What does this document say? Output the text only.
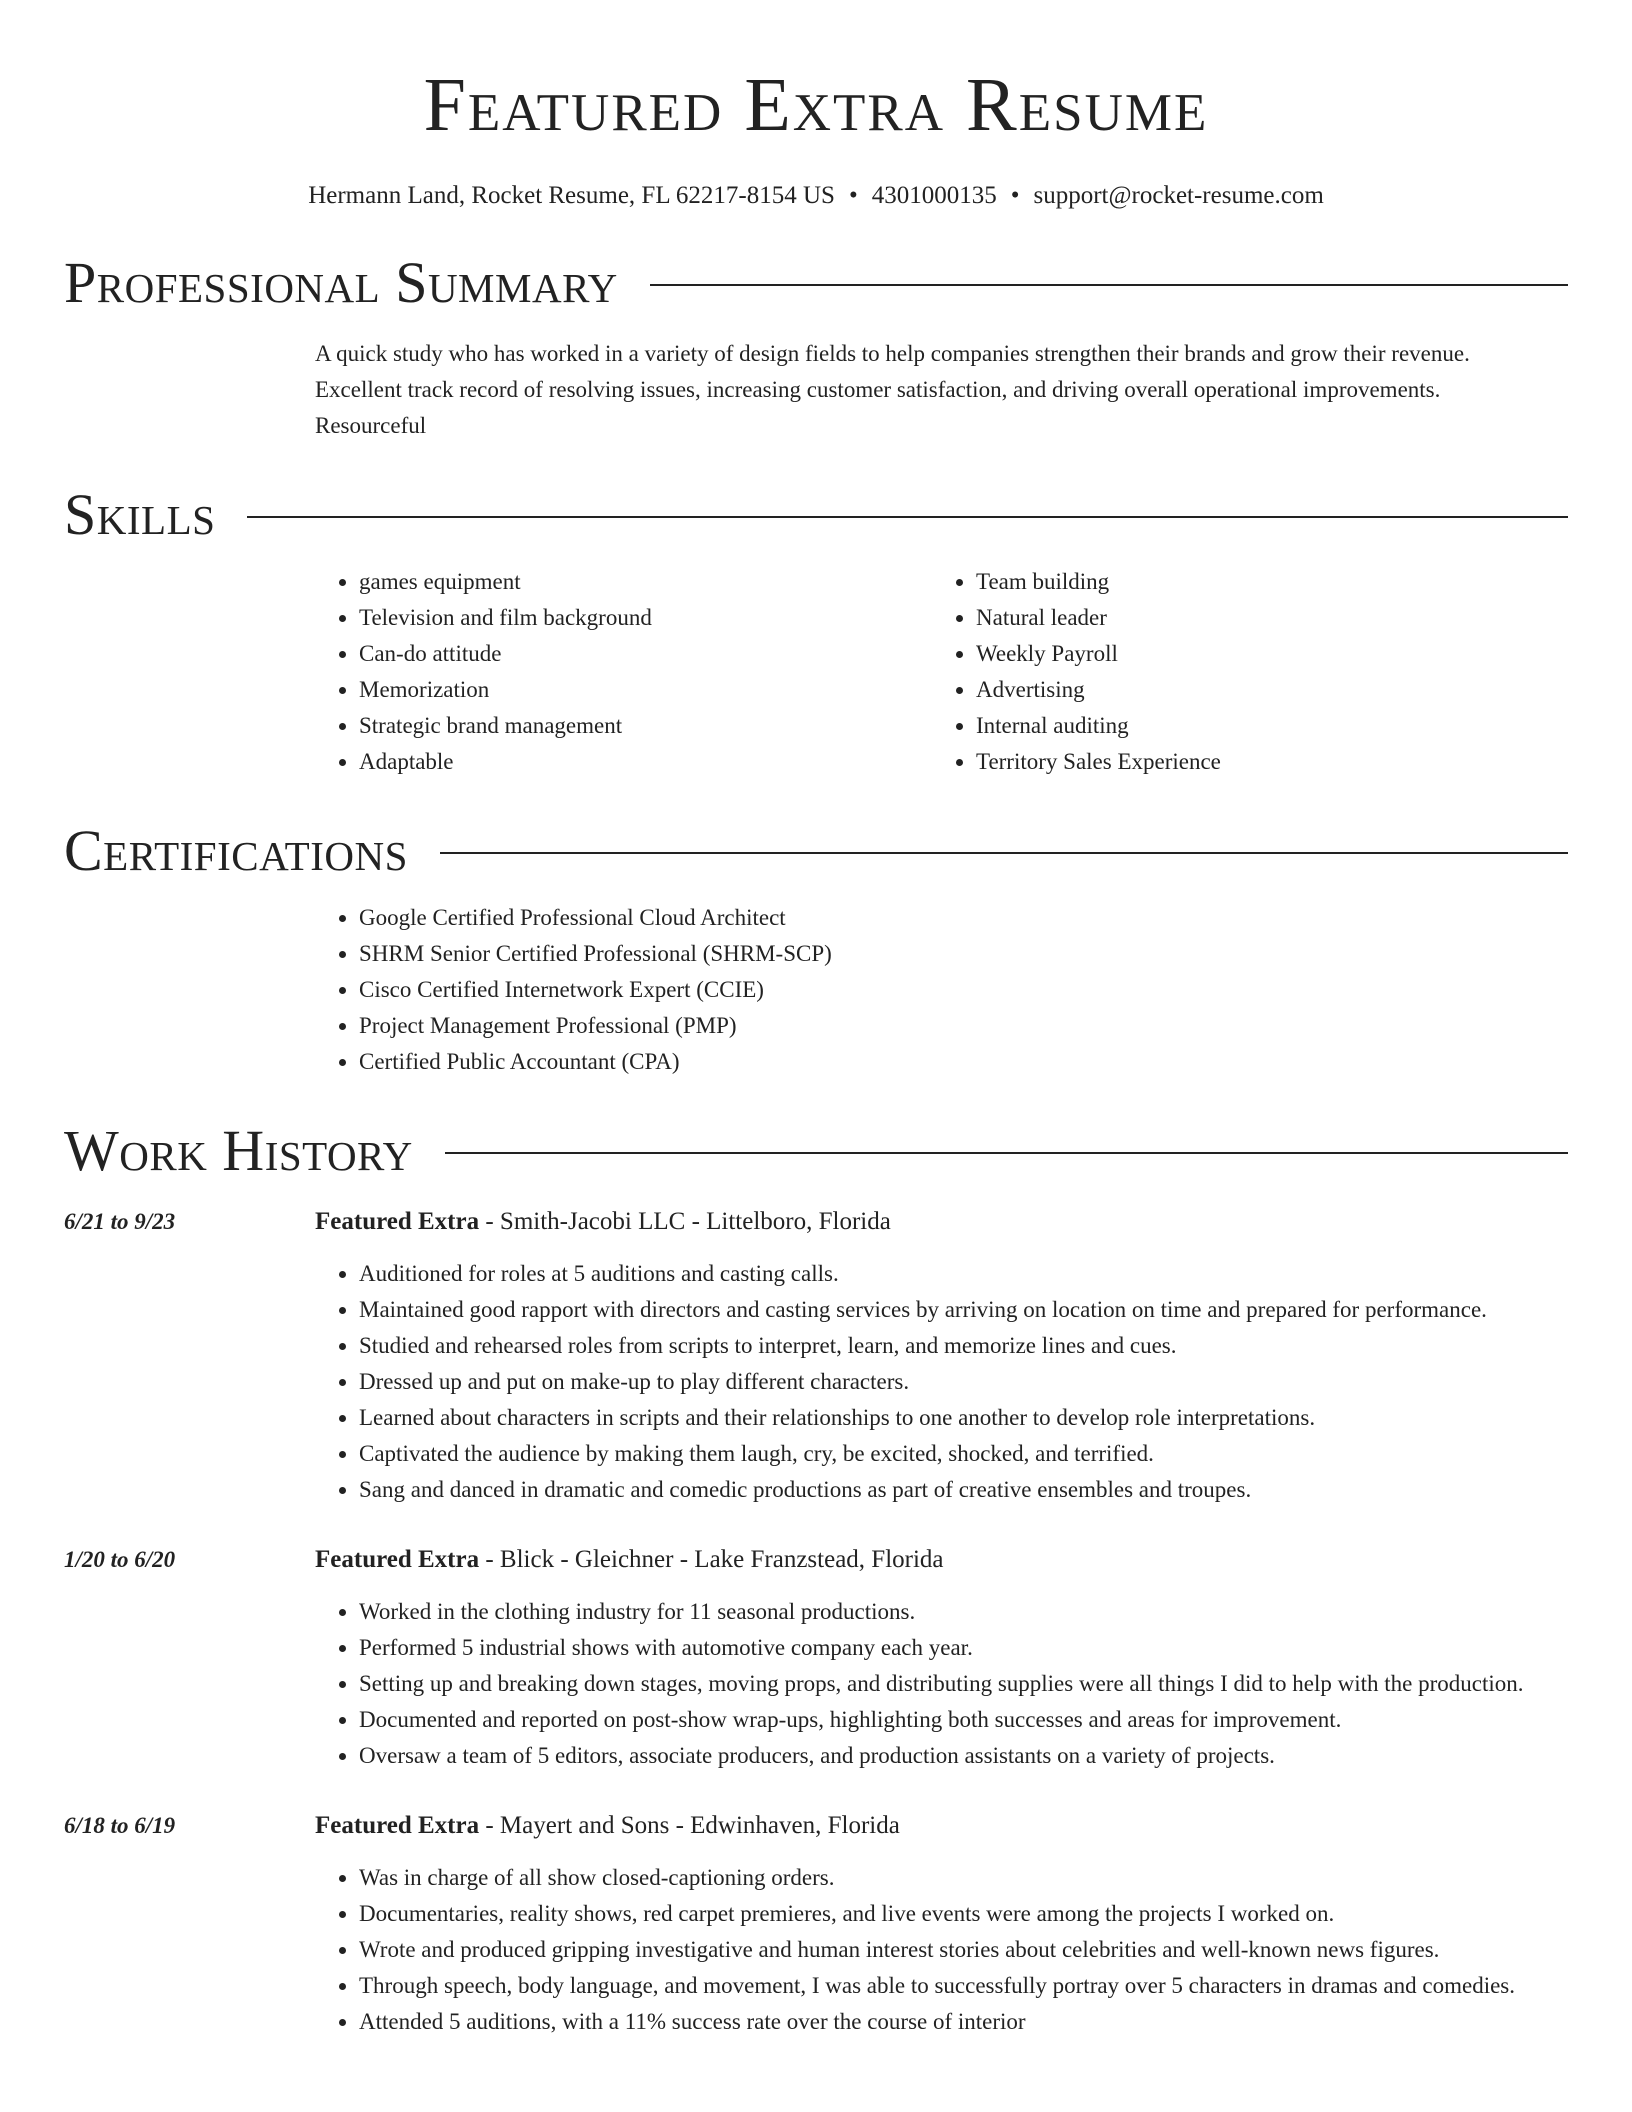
Featured Extra Resume
Hermann Land, Rocket Resume, FL 62217-8154 US • 4301000135 • support@rocket-resume.com
Professional Summary
A quick study who has worked in a variety of design fields to help companies strengthen their brands and grow their revenue. Excellent track record of resolving issues, increasing customer satisfaction, and driving overall operational improvements. Resourceful
Skills
• games equipment
• Television and film background
• Can-do attitude
• Memorization
• Strategic brand management
• Adaptable
• Team building
• Natural leader
• Weekly Payroll
• Advertising
• Internal auditing
• Territory Sales Experience
Certifications
• Google Certified Professional Cloud Architect
• SHRM Senior Certified Professional (SHRM-SCP)
• Cisco Certified Internetwork Expert (CCIE)
• Project Management Professional (PMP)
• Certified Public Accountant (CPA)
Work History
6/21 to 9/23	Featured Extra - Smith-Jacobi LLC - Littelboro, Florida
• Auditioned for roles at 5 auditions and casting calls.
• Maintained good rapport with directors and casting services by arriving on location on time and prepared for performance.
• Studied and rehearsed roles from scripts to interpret, learn, and memorize lines and cues.
• Dressed up and put on make-up to play different characters.
• Learned about characters in scripts and their relationships to one another to develop role interpretations.
• Captivated the audience by making them laugh, cry, be excited, shocked, and terrified.
• Sang and danced in dramatic and comedic productions as part of creative ensembles and troupes.
1/20 to 6/20	Featured Extra - Blick - Gleichner - Lake Franzstead, Florida
• Worked in the clothing industry for 11 seasonal productions.
• Performed 5 industrial shows with automotive company each year.
• Setting up and breaking down stages, moving props, and distributing supplies were all things I did to help with the production.
• Documented and reported on post-show wrap-ups, highlighting both successes and areas for improvement.
• Oversaw a team of 5 editors, associate producers, and production assistants on a variety of projects.
6/18 to 6/19	Featured Extra - Mayert and Sons - Edwinhaven, Florida
• Was in charge of all show closed-captioning orders.
• Documentaries, reality shows, red carpet premieres, and live events were among the projects I worked on.
• Wrote and produced gripping investigative and human interest stories about celebrities and well-known news figures.
• Through speech, body language, and movement, I was able to successfully portray over 5 characters in dramas and comedies.
• Attended 5 auditions, with a 11% success rate over the course of interior
